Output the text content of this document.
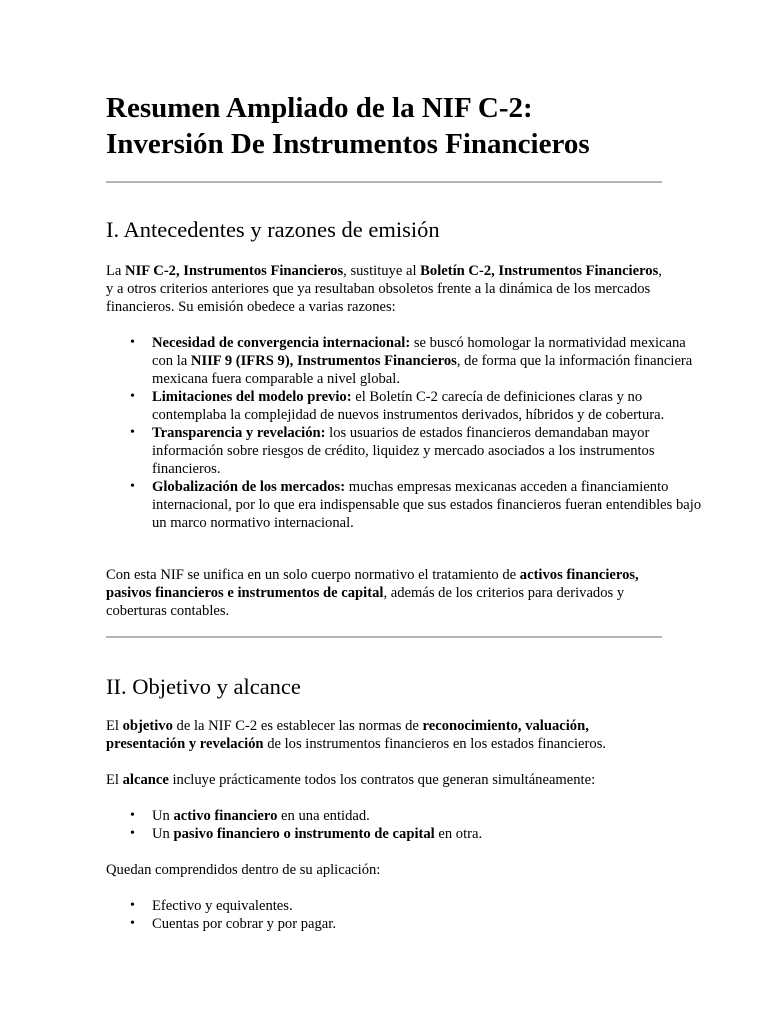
Resumen Ampliado de la NIF C-2:
Inversión De Instrumentos Financieros
I. Antecedentes y razones de emisión

La NIF C-2, Instrumentos Financieros, sustituye al Boletín C-2, Instrumentos Financieros, y a otros criterios anteriores que ya resultaban obsoletos frente a la dinámica de los mercados financieros. Su emisión obedece a varias razones:

• Necesidad de convergencia internacional: se buscó homologar la normatividad mexicana con la NIIF 9 (IFRS 9), Instrumentos Financieros, de forma que la información financiera mexicana fuera comparable a nivel global.
• Limitaciones del modelo previo: el Boletín C-2 carecía de definiciones claras y no contemplaba la complejidad de nuevos instrumentos derivados, híbridos y de cobertura.
• Transparencia y revelación: los usuarios de estados financieros demandaban mayor información sobre riesgos de crédito, liquidez y mercado asociados a los instrumentos financieros.
• Globalización de los mercados: muchas empresas mexicanas acceden a financiamiento internacional, por lo que era indispensable que sus estados financieros fueran entendibles bajo un marco normativo internacional.

Con esta NIF se unifica en un solo cuerpo normativo el tratamiento de activos financieros, pasivos financieros e instrumentos de capital, además de los criterios para derivados y coberturas contables.

II. Objetivo y alcance

El objetivo de la NIF C-2 es establecer las normas de reconocimiento, valuación, presentación y revelación de los instrumentos financieros en los estados financieros.

El alcance incluye prácticamente todos los contratos que generan simultáneamente:

• Un activo financiero en una entidad.
• Un pasivo financiero o instrumento de capital en otra.

Quedan comprendidos dentro de su aplicación:

• Efectivo y equivalentes.
• Cuentas por cobrar y por pagar.
